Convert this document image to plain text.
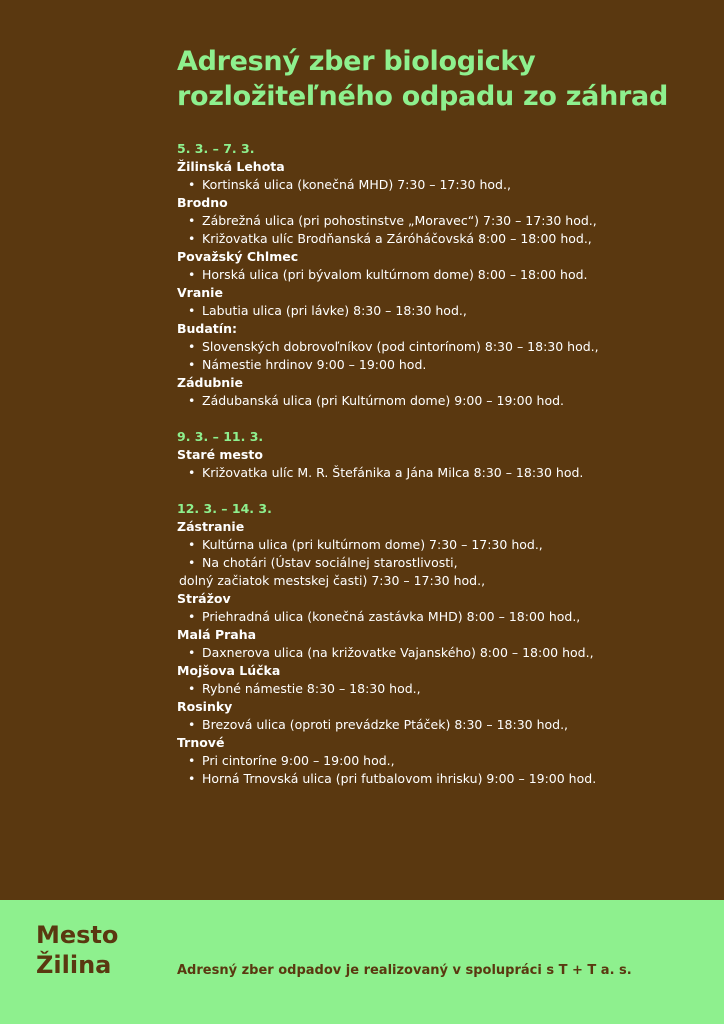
Adresný zber biologicky
rozložiteľného odpadu zo záhrad
5. 3. – 7. 3.
Žilinská Lehota
• Kortinská ulica (konečná MHD) 7:30 – 17:30 hod.,
Brodno
• Zábrežná ulica (pri pohostinstve „Moravec“) 7:30 – 17:30 hod.,
• Križovatka ulíc Brodňanská a Záróháčovská 8:00 – 18:00 hod.,
Považský Chlmec
• Horská ulica (pri bývalom kultúrnom dome) 8:00 – 18:00 hod.
Vranie
• Labutia ulica (pri lávke) 8:30 – 18:30 hod.,
Budatín:
• Slovenských dobrovoľníkov (pod cintorínom) 8:30 – 18:30 hod.,
• Námestie hrdinov 9:00 – 19:00 hod.
Zádubnie
• Zádubanská ulica (pri Kultúrnom dome) 9:00 – 19:00 hod.
9. 3. – 11. 3.
Staré mesto
• Križovatka ulíc M. R. Štefánika a Jána Milca 8:30 – 18:30 hod.
12. 3. – 14. 3.
Zástranie
• Kultúrna ulica (pri kultúrnom dome) 7:30 – 17:30 hod.,
• Na chotári (Ústav sociálnej starostlivosti,
dolný začiatok mestskej časti) 7:30 – 17:30 hod.,
Strážov
• Priehradná ulica (konečná zastávka MHD) 8:00 – 18:00 hod.,
Malá Praha
• Daxnerova ulica (na križovatke Vajanského) 8:00 – 18:00 hod.,
Mojšova Lúčka
• Rybné námestie 8:30 – 18:30 hod.,
Rosinky
• Brezová ulica (oproti prevádzke Ptáček) 8:30 – 18:30 hod.,
Trnové
• Pri cintoríne 9:00 – 19:00 hod.,
• Horná Trnovská ulica (pri futbalovom ihrisku) 9:00 – 19:00 hod.
Mesto
Žilina	Adresný zber odpadov je realizovaný v spolupráci s T + T a. s.
